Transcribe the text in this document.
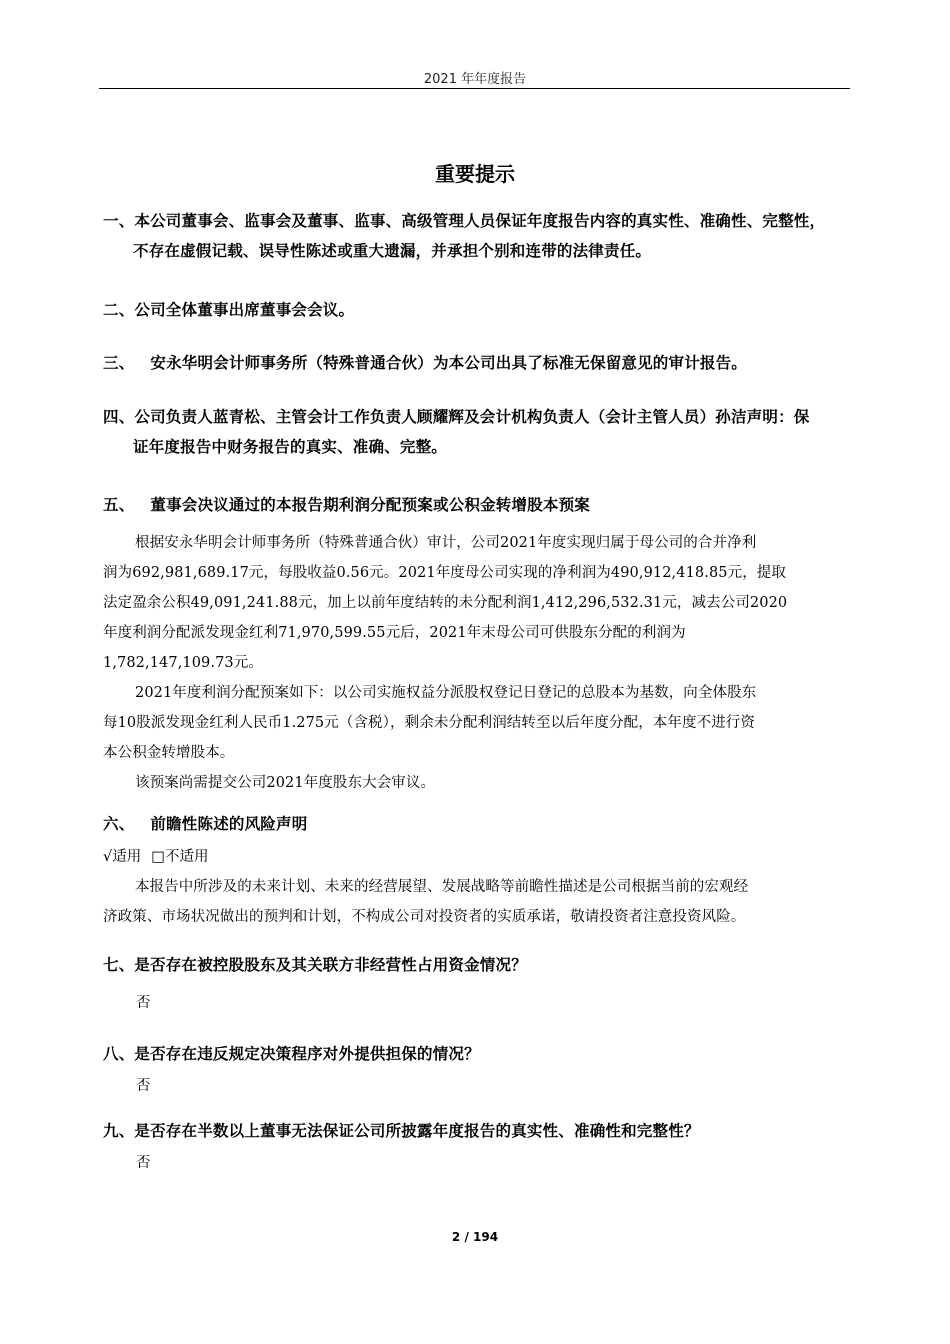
2021 年年度报告
重要提示
一、本公司董事会、监事会及董事、监事、高级管理人员保证年度报告内容的真实性、准确性、完整性，
不存在虚假记载、误导性陈述或重大遗漏，并承担个别和连带的法律责任。
二、公司全体董事出席董事会会议。
三、 安永华明会计师事务所（特殊普通合伙）为本公司出具了标准无保留意见的审计报告。
四、公司负责人蓝青松、主管会计工作负责人顾耀辉及会计机构负责人（会计主管人员）孙洁声明：保
证年度报告中财务报告的真实、准确、完整。
五、 董事会决议通过的本报告期利润分配预案或公积金转增股本预案
根据安永华明会计师事务所（特殊普通合伙）审计，公司2021年度实现归属于母公司的合并净利
润为692,981,689.17元，每股收益0.56元。2021年度母公司实现的净利润为490,912,418.85元，提取
法定盈余公积49,091,241.88元，加上以前年度结转的未分配利润1,412,296,532.31元，减去公司2020
年度利润分配派发现金红利71,970,599.55元后，2021年末母公司可供股东分配的利润为
1,782,147,109.73元。
2021年度利润分配预案如下：以公司实施权益分派股权登记日登记的总股本为基数，向全体股东
每10股派发现金红利人民币1.275元（含税），剩余未分配利润结转至以后年度分配，本年度不进行资
本公积金转增股本。
该预案尚需提交公司2021年度股东大会审议。
六、 前瞻性陈述的风险声明
√适用 □不适用
本报告中所涉及的未来计划、未来的经营展望、发展战略等前瞻性描述是公司根据当前的宏观经
济政策、市场状况做出的预判和计划，不构成公司对投资者的实质承诺，敬请投资者注意投资风险。
七、是否存在被控股股东及其关联方非经营性占用资金情况？
否
八、是否存在违反规定决策程序对外提供担保的情况？
否
九、是否存在半数以上董事无法保证公司所披露年度报告的真实性、准确性和完整性？
否
2 / 194
